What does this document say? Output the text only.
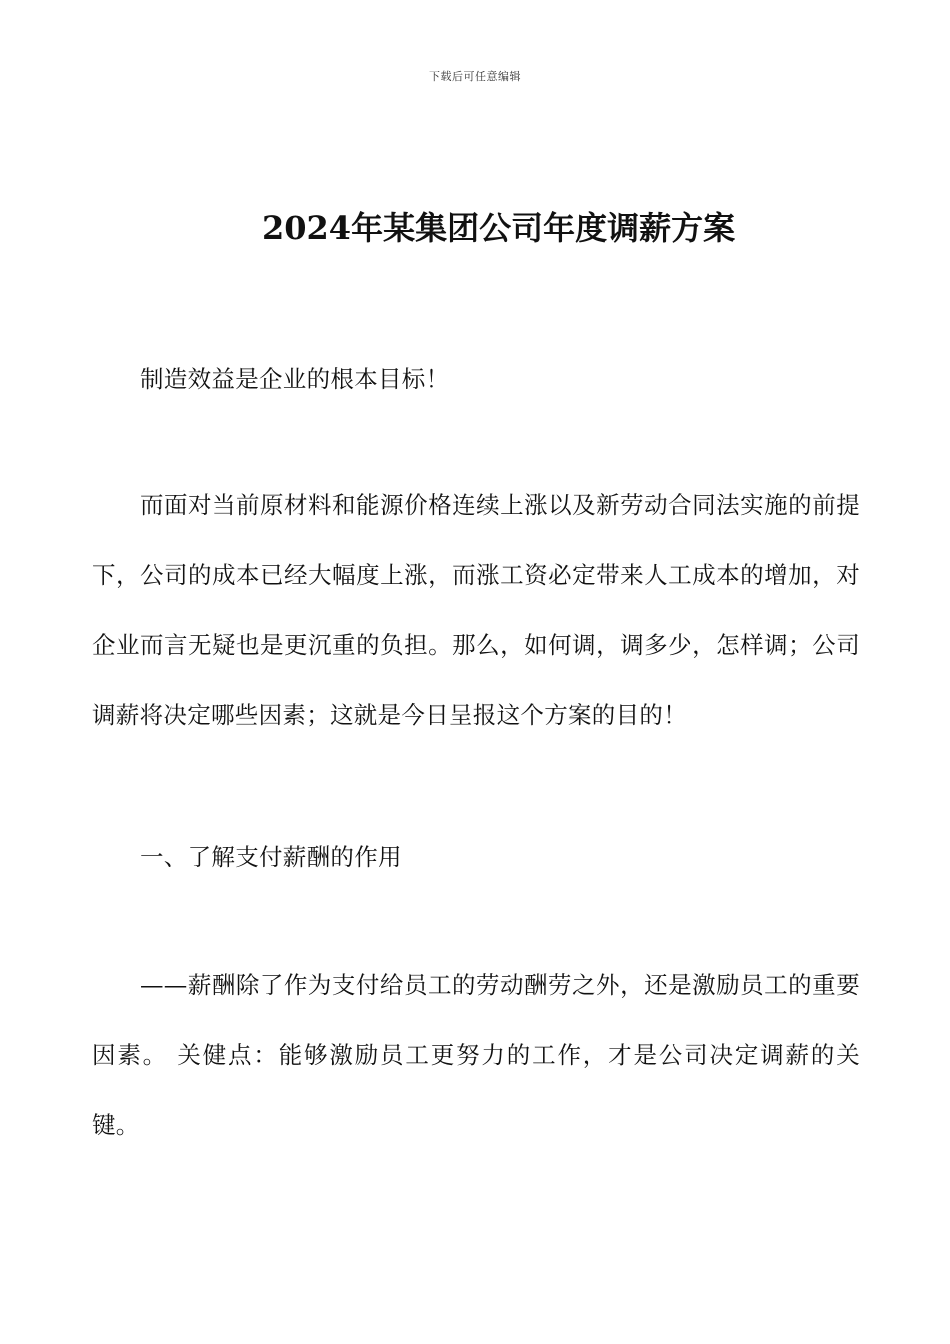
下载后可任意编辑
2024年某集团公司年度调薪方案

制造效益是企业的根本目标！

而面对当前原材料和能源价格连续上涨以及新劳动合同法实施的前提下，公司的成本已经大幅度上涨，而涨工资必定带来人工成本的增加，对企业而言无疑也是更沉重的负担。那么，如何调，调多少，怎样调；公司调薪将决定哪些因素；这就是今日呈报这个方案的目的！

一、了解支付薪酬的作用

——薪酬除了作为支付给员工的劳动酬劳之外，还是激励员工的重要因素。 关健点：能够激励员工更努力的工作，才是公司决定调薪的关键。
